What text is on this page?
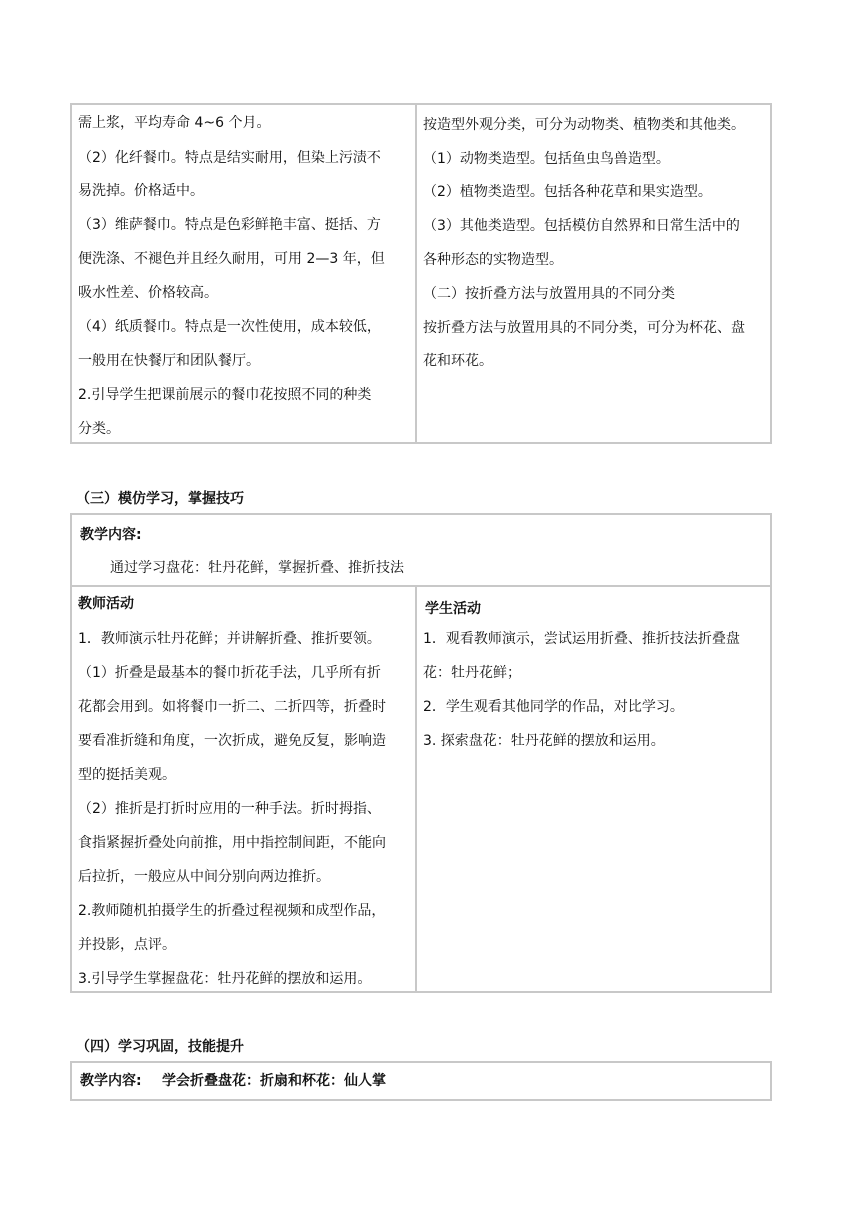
需上浆，平均寿命 4~6 个月。
（2）化纤餐巾。特点是结实耐用，但染上污渍不
易洗掉。价格适中。
（3）维萨餐巾。特点是色彩鲜艳丰富、挺括、方
便洗涤、不褪色并且经久耐用，可用 2—3 年，但
吸水性差、价格较高。
（4）纸质餐巾。特点是一次性使用，成本较低，
一般用在快餐厅和团队餐厅。
2.引导学生把课前展示的餐巾花按照不同的种类
分类。
按造型外观分类，可分为动物类、植物类和其他类。
（1）动物类造型。包括鱼虫鸟兽造型。
（2）植物类造型。包括各种花草和果实造型。
（3）其他类造型。包括模仿自然界和日常生活中的
各种形态的实物造型。
（二）按折叠方法与放置用具的不同分类
按折叠方法与放置用具的不同分类，可分为杯花、盘
花和环花。
（三）模仿学习，掌握技巧
教学内容:
通过学习盘花：牡丹花鲜，掌握折叠、推折技法
教师活动
1．教师演示牡丹花鲜；并讲解折叠、推折要领。
（1）折叠是最基本的餐巾折花手法，几乎所有折
花都会用到。如将餐巾一折二、二折四等，折叠时
要看准折缝和角度，一次折成，避免反复，影响造
型的挺括美观。
（2）推折是打折时应用的一种手法。折时拇指、
食指紧握折叠处向前推，用中指控制间距，不能向
后拉折，一般应从中间分别向两边推折。
2.教师随机拍摄学生的折叠过程视频和成型作品，
并投影，点评。
3.引导学生掌握盘花：牡丹花鲜的摆放和运用。
学生活动
1．观看教师演示，尝试运用折叠、推折技法折叠盘
花：牡丹花鲜；
2．学生观看其他同学的作品，对比学习。
3. 探索盘花：牡丹花鲜的摆放和运用。
（四）学习巩固，技能提升
教学内容: 学会折叠盘花：折扇和杯花：仙人掌
